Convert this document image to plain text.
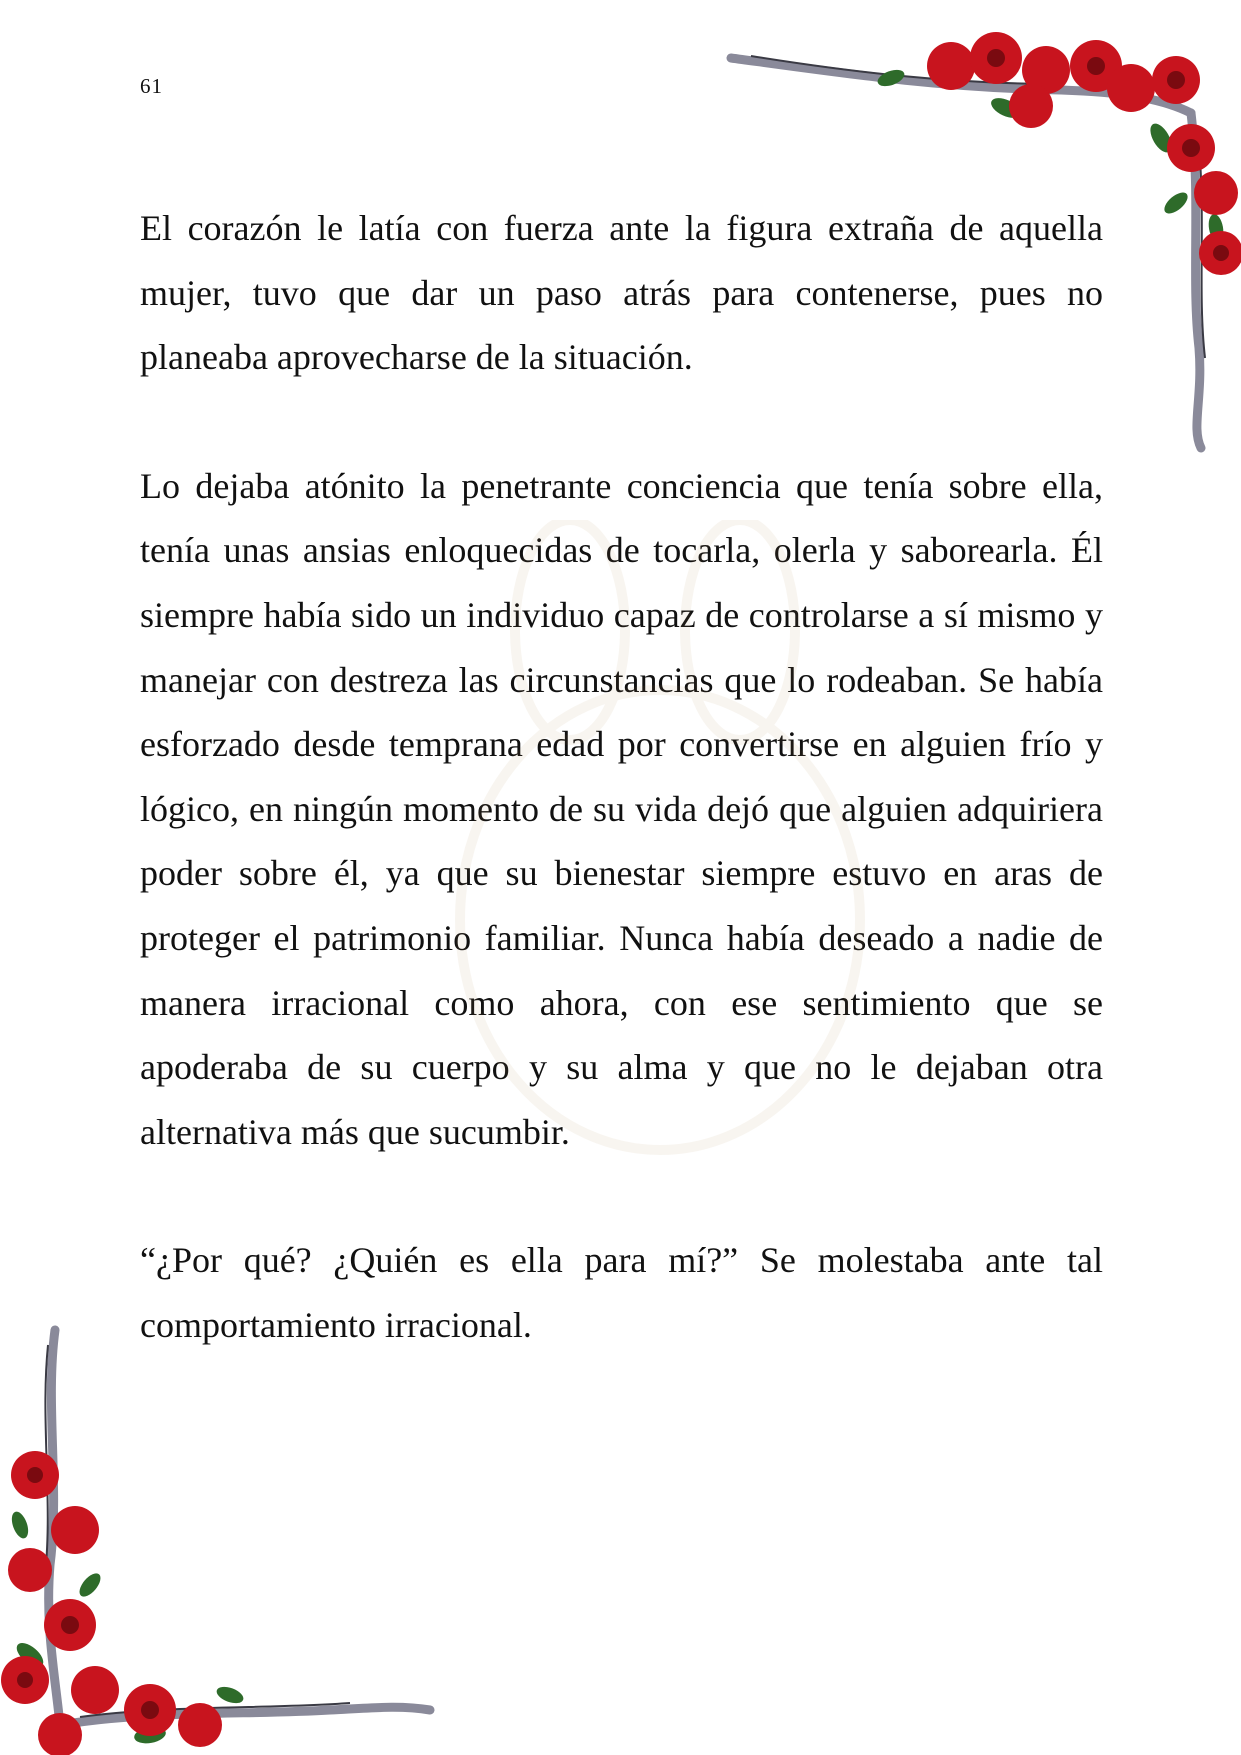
61

El corazón le latía con fuerza ante la figura extraña de aquella mujer, tuvo que dar un paso atrás para contenerse, pues no planeaba aprovecharse de la situación.

Lo dejaba atónito la penetrante conciencia que tenía sobre ella, tenía unas ansias enloquecidas de tocarla, olerla y saborearla. Él siempre había sido un individuo capaz de controlarse a sí mismo y manejar con destreza las circunstancias que lo rodeaban. Se había esforzado desde temprana edad por convertirse en alguien frío y lógico, en ningún momento de su vida dejó que alguien adquiriera poder sobre él, ya que su bienestar siempre estuvo en aras de proteger el patrimonio familiar. Nunca había deseado a nadie de manera irracional como ahora, con ese sentimiento que se apoderaba de su cuerpo y su alma y que no le dejaban otra alternativa más que sucumbir.

“¿Por qué? ¿Quién es ella para mí?” Se molestaba ante tal comportamiento irracional.
